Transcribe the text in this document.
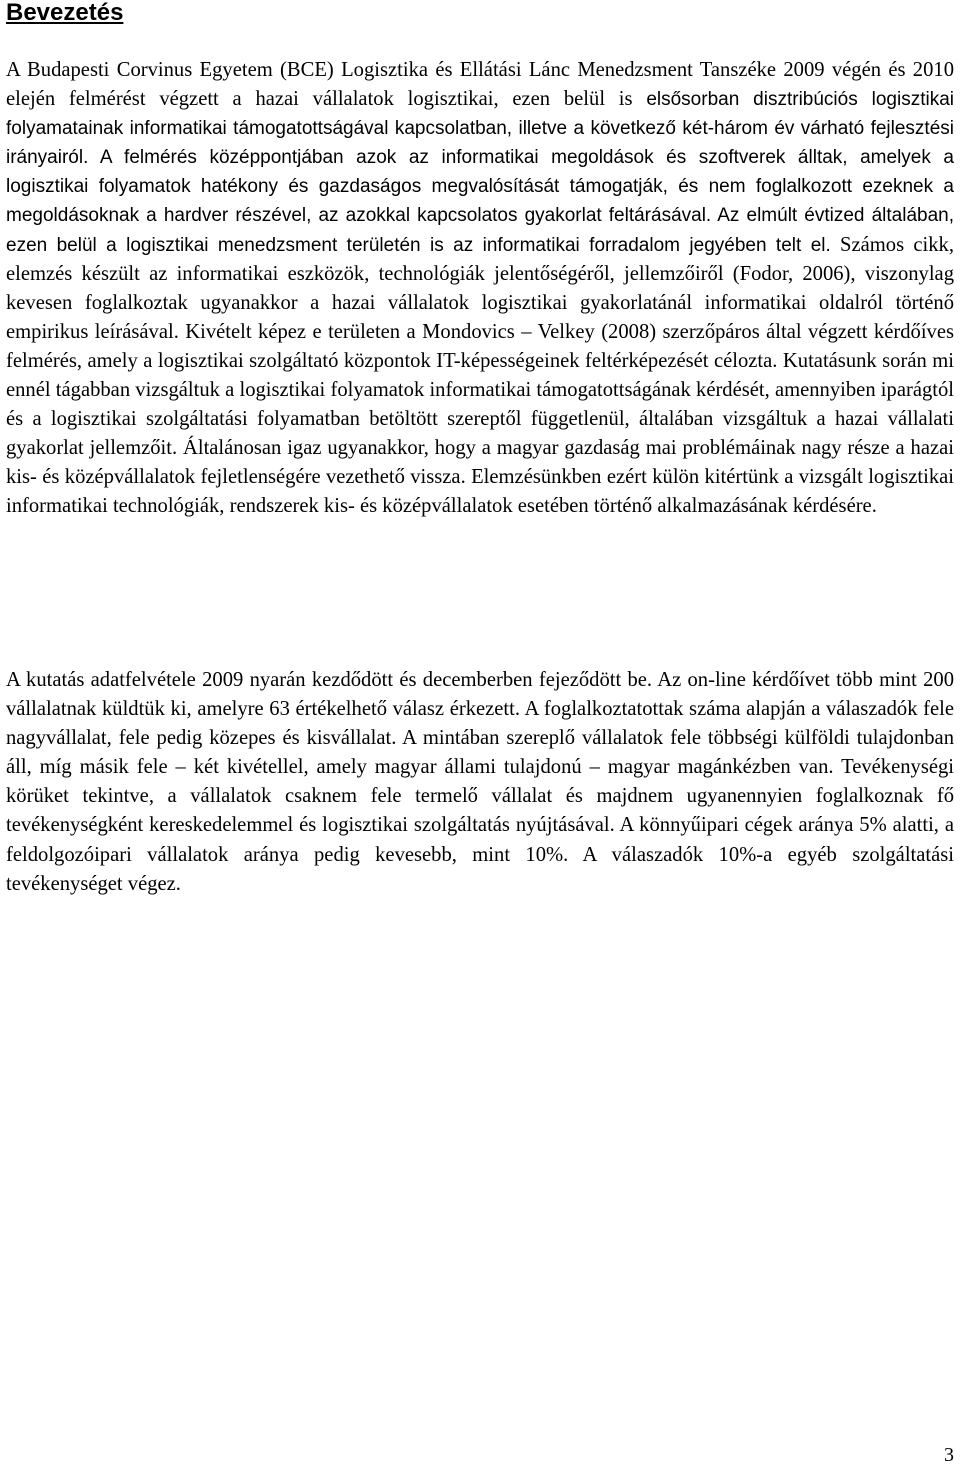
Bevezetés

A Budapesti Corvinus Egyetem (BCE) Logisztika és Ellátási Lánc Menedzsment Tanszéke 2009 végén és 2010 elején felmérést végzett a hazai vállalatok logisztikai, ezen belül is elsősorban disztribúciós logisztikai folyamatainak informatikai támogatottságával kapcsolatban, illetve a következő két-három év várható fejlesztési irányairól. A felmérés középpontjában azok az informatikai megoldások és szoftverek álltak, amelyek a logisztikai folyamatok hatékony és gazdaságos megvalósítását támogatják, és nem foglalkozott ezeknek a megoldásoknak a hardver részével, az azokkal kapcsolatos gyakorlat feltárásával. Az elmúlt évtized általában, ezen belül a logisztikai menedzsment területén is az informatikai forradalom jegyében telt el. Számos cikk, elemzés készült az informatikai eszközök, technológiák jelentőségéről, jellemzőiről (Fodor, 2006), viszonylag kevesen foglalkoztak ugyanakkor a hazai vállalatok logisztikai gyakorlatánál informatikai oldalról történő empirikus leírásával. Kivételt képez e területen a Mondovics – Velkey (2008) szerzőpáros által végzett kérdőíves felmérés, amely a logisztikai szolgáltató központok IT-képességeinek feltérképezését célozta. Kutatásunk során mi ennél tágabban vizsgáltuk a logisztikai folyamatok informatikai támogatottságának kérdését, amennyiben iparágtól és a logisztikai szolgáltatási folyamatban betöltött szereptől függetlenül, általában vizsgáltuk a hazai vállalati gyakorlat jellemzőit. Általánosan igaz ugyanakkor, hogy a magyar gazdaság mai problémáinak nagy része a hazai kis- és középvállalatok fejletlenségére vezethető vissza. Elemzésünkben ezért külön kitértünk a vizsgált logisztikai informatikai technológiák, rendszerek kis- és középvállalatok esetében történő alkalmazásának kérdésére.

A kutatás adatfelvétele 2009 nyarán kezdődött és decemberben fejeződött be. Az on-line kérdőívet több mint 200 vállalatnak küldtük ki, amelyre 63 értékelhető válasz érkezett. A foglalkoztatottak száma alapján a válaszadók fele nagyvállalat, fele pedig közepes és kisvállalat. A mintában szereplő vállalatok fele többségi külföldi tulajdonban áll, míg másik fele – két kivétellel, amely magyar állami tulajdonú – magyar magánkézben van. Tevékenységi körüket tekintve, a vállalatok csaknem fele termelő vállalat és majdnem ugyanennyien foglalkoznak fő tevékenységként kereskedelemmel és logisztikai szolgáltatás nyújtásával. A könnyűipari cégek aránya 5% alatti, a feldolgozóipari vállalatok aránya pedig kevesebb, mint 10%. A válaszadók 10%-a egyéb szolgáltatási tevékenységet végez.

3
